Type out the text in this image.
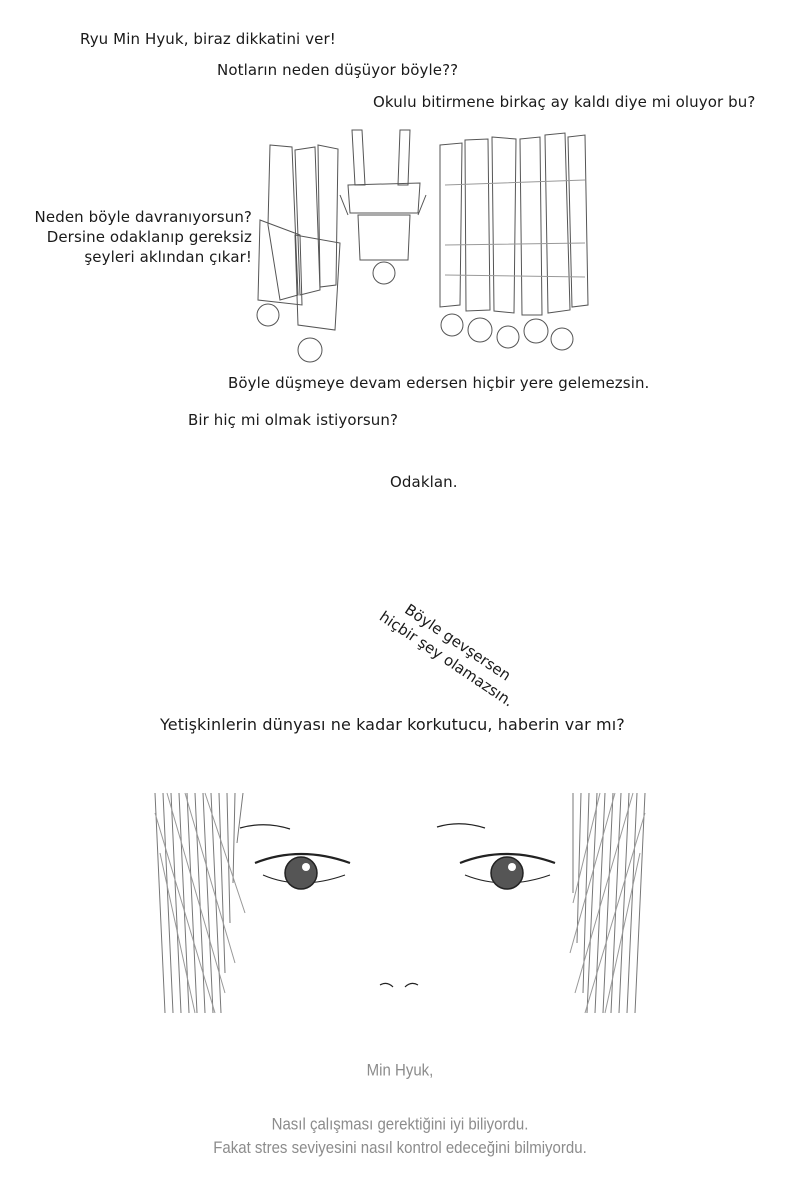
Ryu Min Hyuk, biraz dikkatini ver!
Notların neden düşüyor böyle??
Okulu bitirmene birkaç ay kaldı diye mi oluyor bu?
Neden böyle davranıyorsun?
Dersine odaklanıp gereksiz
şeyleri aklından çıkar!
Böyle düşmeye devam edersen hiçbir yere gelemezsin.
Bir hiç mi olmak istiyorsun?
Odaklan.
Böyle gevşersen
hiçbir şey olamazsın.
Yetişkinlerin dünyası ne kadar korkutucu, haberin var mı?
Min Hyuk,
Nasıl çalışması gerektiğini iyi biliyordu.
Fakat stres seviyesini nasıl kontrol edeceğini bilmiyordu.
